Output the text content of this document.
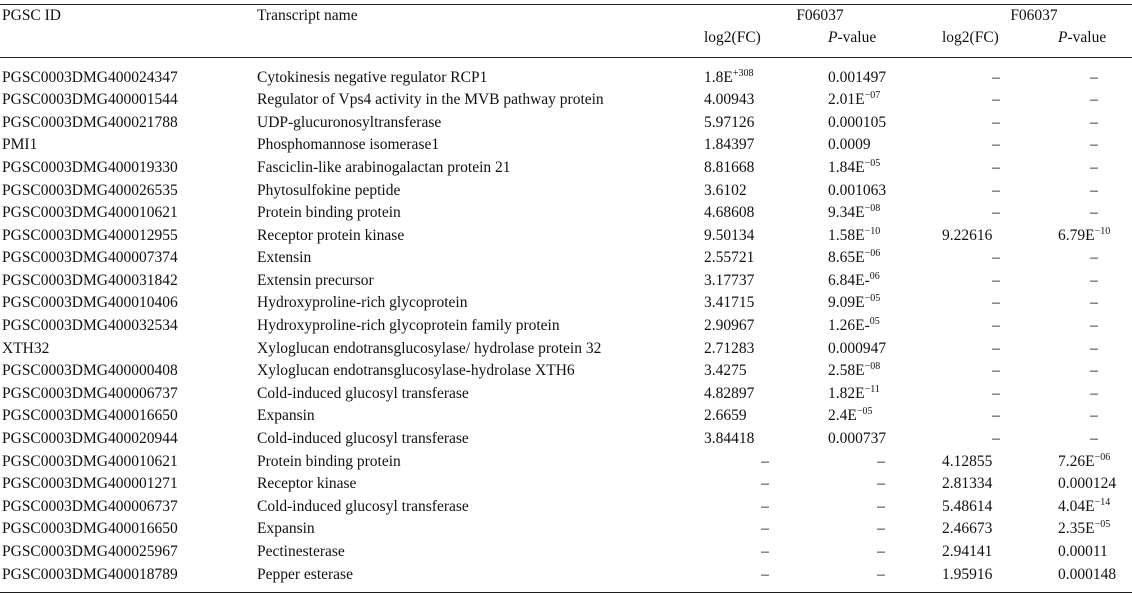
PGSC ID	Transcript name	F06037		F06037	
		log2(FC)	P-value	log2(FC)	P-value
PGSC0003DMG400024347	Cytokinesis negative regulator RCP1	$1.8E^{+308}$	0.001497	–	–
PGSC0003DMG400001544	Regulator of Vps4 activity in the MVB pathway protein	4.00943	$2.01E^{-07}$	–	–
PGSC0003DMG400021788	UDP-glucuronosyltransferase	5.97126	0.000105	–	–
PMI1	Phosphomannose isomerase1	1.84397	0.0009	–	–
PGSC0003DMG400019330	Fasciclin-like arabinogalactan protein 21	8.81668	$1.84E^{-05}$	–	–
PGSC0003DMG400026535	Phytosulfokine peptide	3.6102	0.001063	–	–
PGSC0003DMG400010621	Protein binding protein	4.68608	$9.34E^{-08}$	–	–
PGSC0003DMG400012955	Receptor protein kinase	9.50134	$1.58E^{-10}$	9.22616	$6.79E^{-10}$
PGSC0003DMG400007374	Extensin	2.55721	$8.65E^{-06}$	–	–
PGSC0003DMG400031842	Extensin precursor	3.17737	6.84E-$^{06}$	–	–
PGSC0003DMG400010406	Hydroxyproline-rich glycoprotein	3.41715	$9.09E^{-05}$	–	–
PGSC0003DMG400032534	Hydroxyproline-rich glycoprotein family protein	2.90967	1.26E-$^{05}$	–	–
XTH32	Xyloglucan endotransglucosylase/ hydrolase protein 32	2.71283	0.000947	–	–
PGSC0003DMG400000408	Xyloglucan endotransglucosylase-hydrolase XTH6	3.4275	$2.58E^{-08}$	–	–
PGSC0003DMG400006737	Cold-induced glucosyl transferase	4.82897	$1.82E^{-11}$	–	–
PGSC0003DMG400016650	Expansin	2.6659	$2.4E^{-05}$	–	–
PGSC0003DMG400020944	Cold-induced glucosyl transferase	3.84418	0.000737	–	–
PGSC0003DMG400010621	Protein binding protein	–	–	4.12855	$7.26E^{-06}$
PGSC0003DMG400001271	Receptor kinase	–	–	2.81334	0.000124
PGSC0003DMG400006737	Cold-induced glucosyl transferase	–	–	5.48614	$4.04E^{-14}$
PGSC0003DMG400016650	Expansin	–	–	2.46673	$2.35E^{-05}$
PGSC0003DMG400025967	Pectinesterase	–	–	2.94141	0.00011
PGSC0003DMG400018789	Pepper esterase	–	–	1.95916	0.000148
